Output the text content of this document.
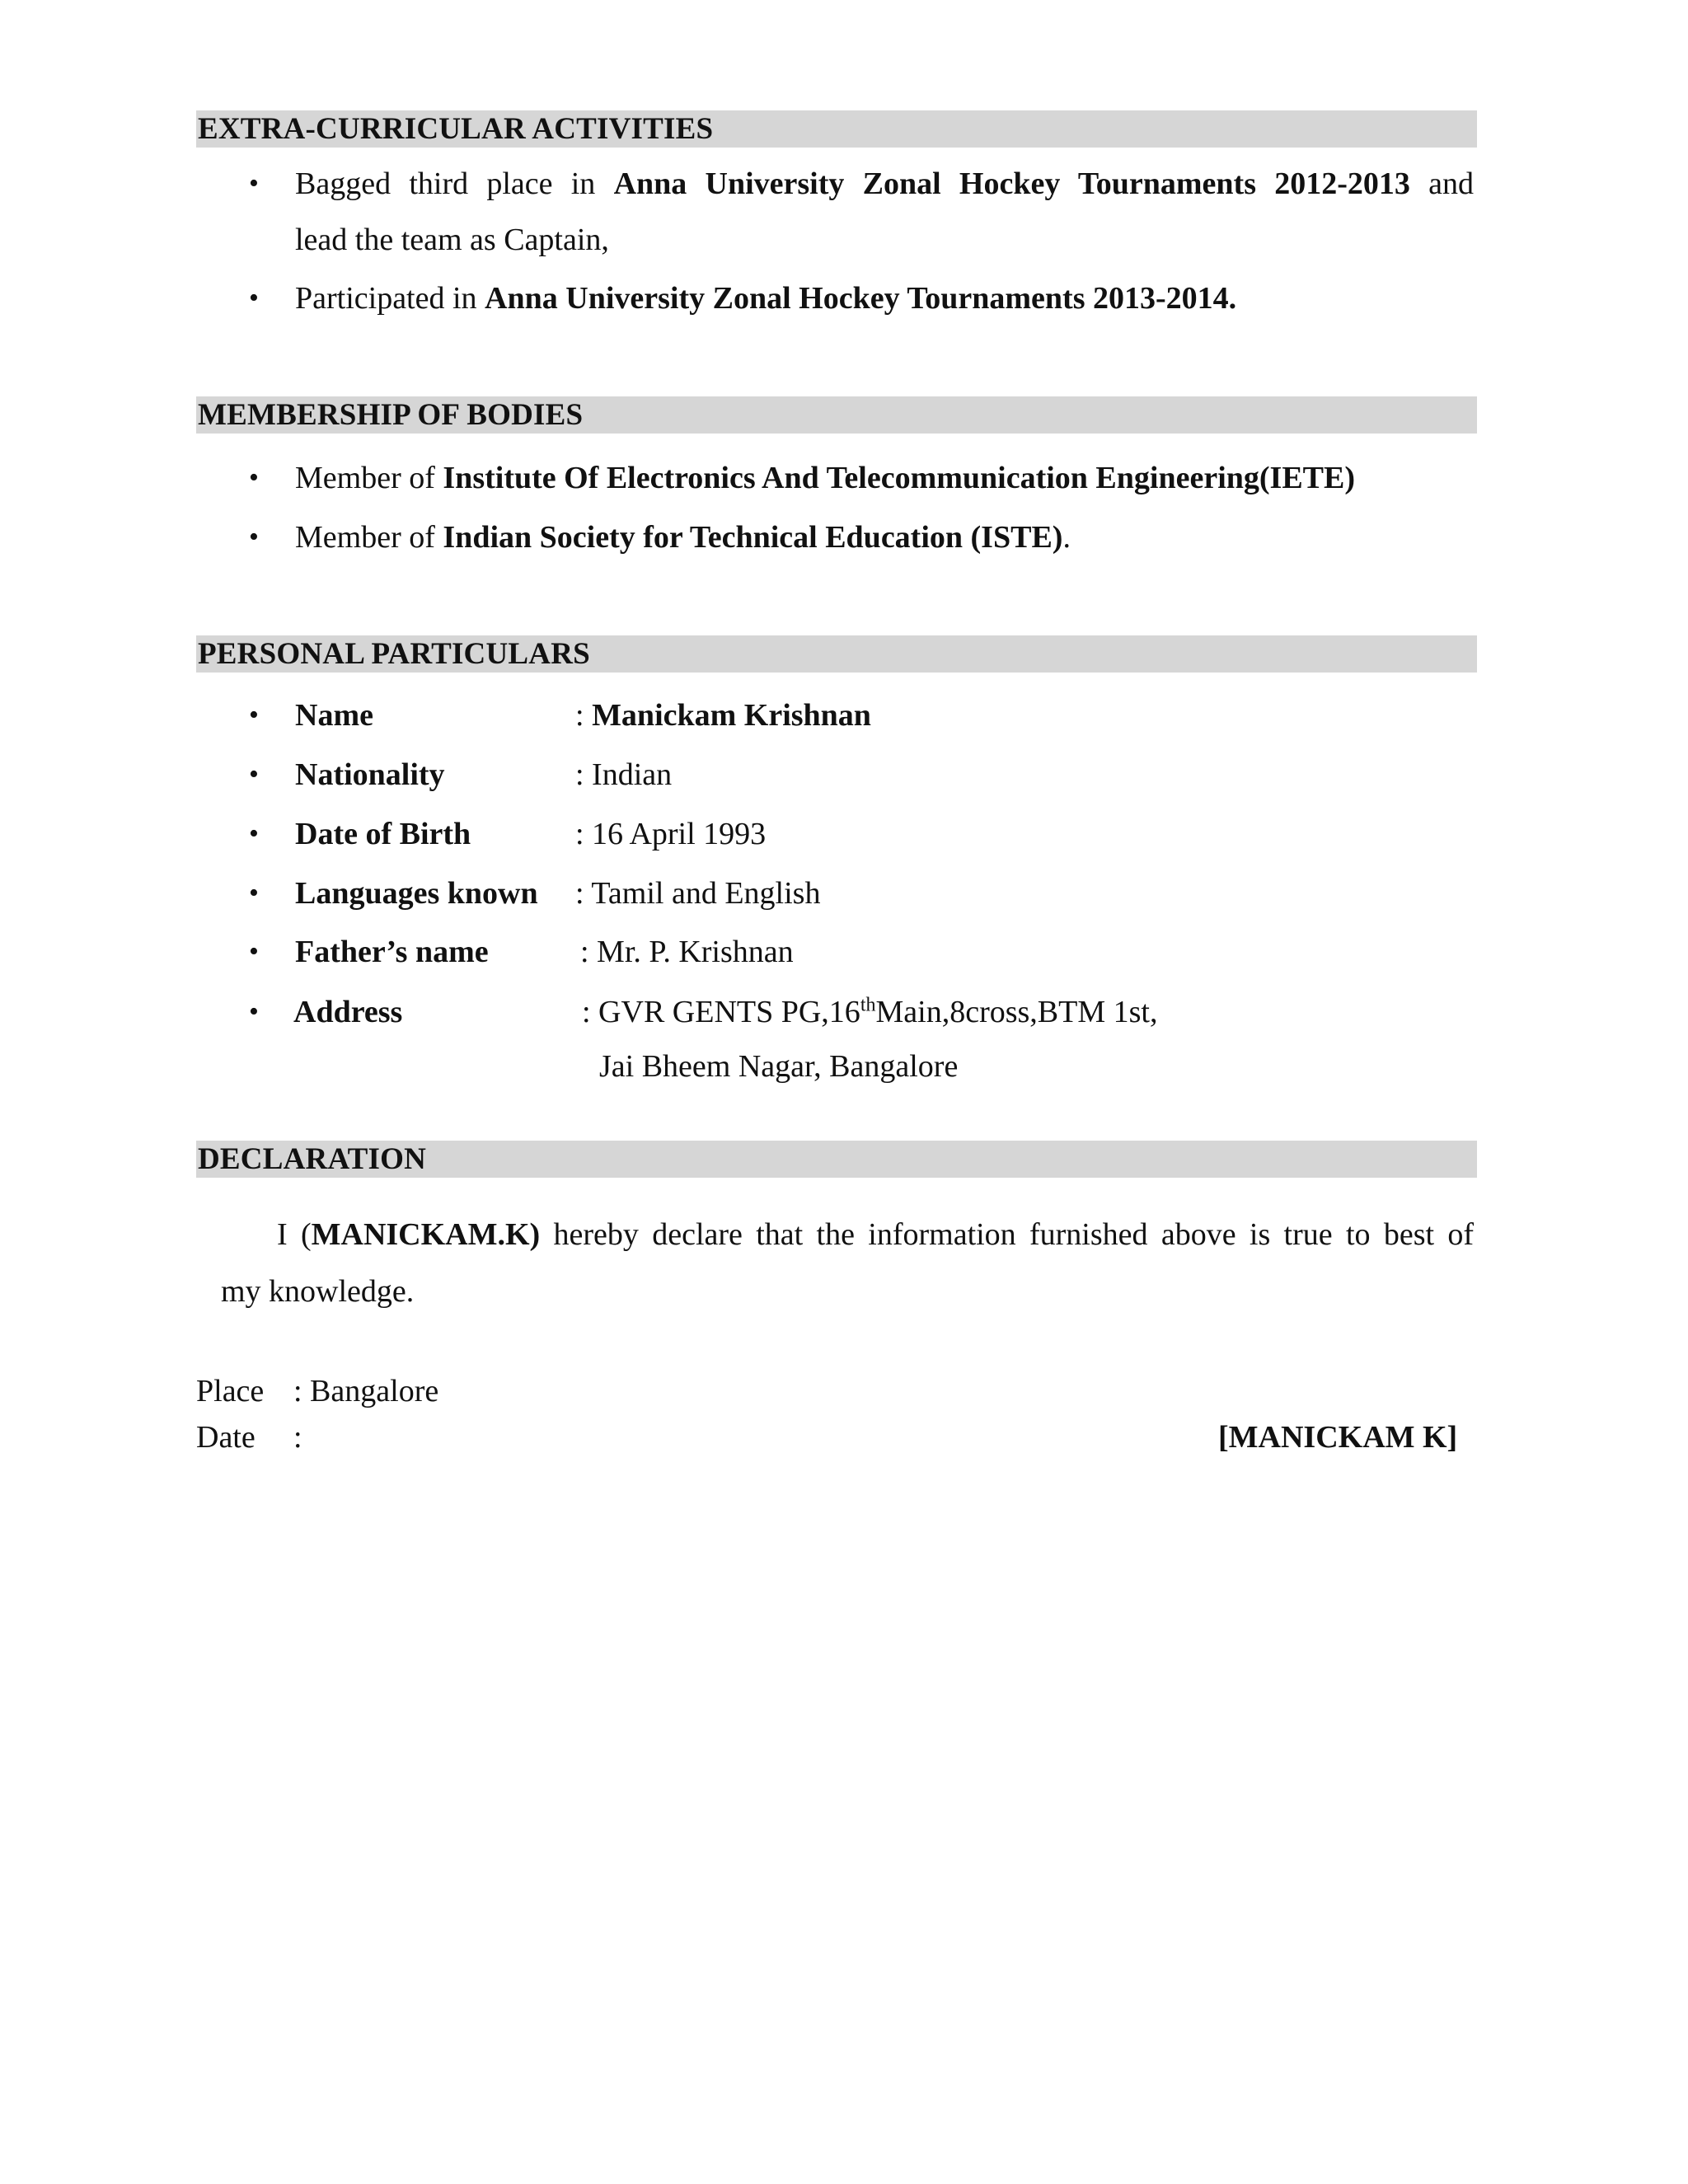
EXTRA-CURRICULAR ACTIVITIES
• Bagged third place in Anna University Zonal Hockey Tournaments 2012-2013 and
lead the team as Captain,
• Participated in Anna University Zonal Hockey Tournaments 2013-2014.
MEMBERSHIP OF BODIES
• Member of Institute Of Electronics And Telecommunication Engineering(IETE)
• Member of Indian Society for Technical Education (ISTE).
PERSONAL PARTICULARS
• Name	: Manickam Krishnan
• Nationality	: Indian
• Date of Birth	: 16 April 1993
• Languages known : Tamil and English
• Father’s name	: Mr. P. Krishnan
• Address	: GVR GENTS PG,16thMain,8cross,BTM 1st,
Jai Bheem Nagar, Bangalore
DECLARATION
I (MANICKAM.K) hereby declare that the information furnished above is true to best of
my knowledge.
Place : Bangalore
Date :	[MANICKAM K]
